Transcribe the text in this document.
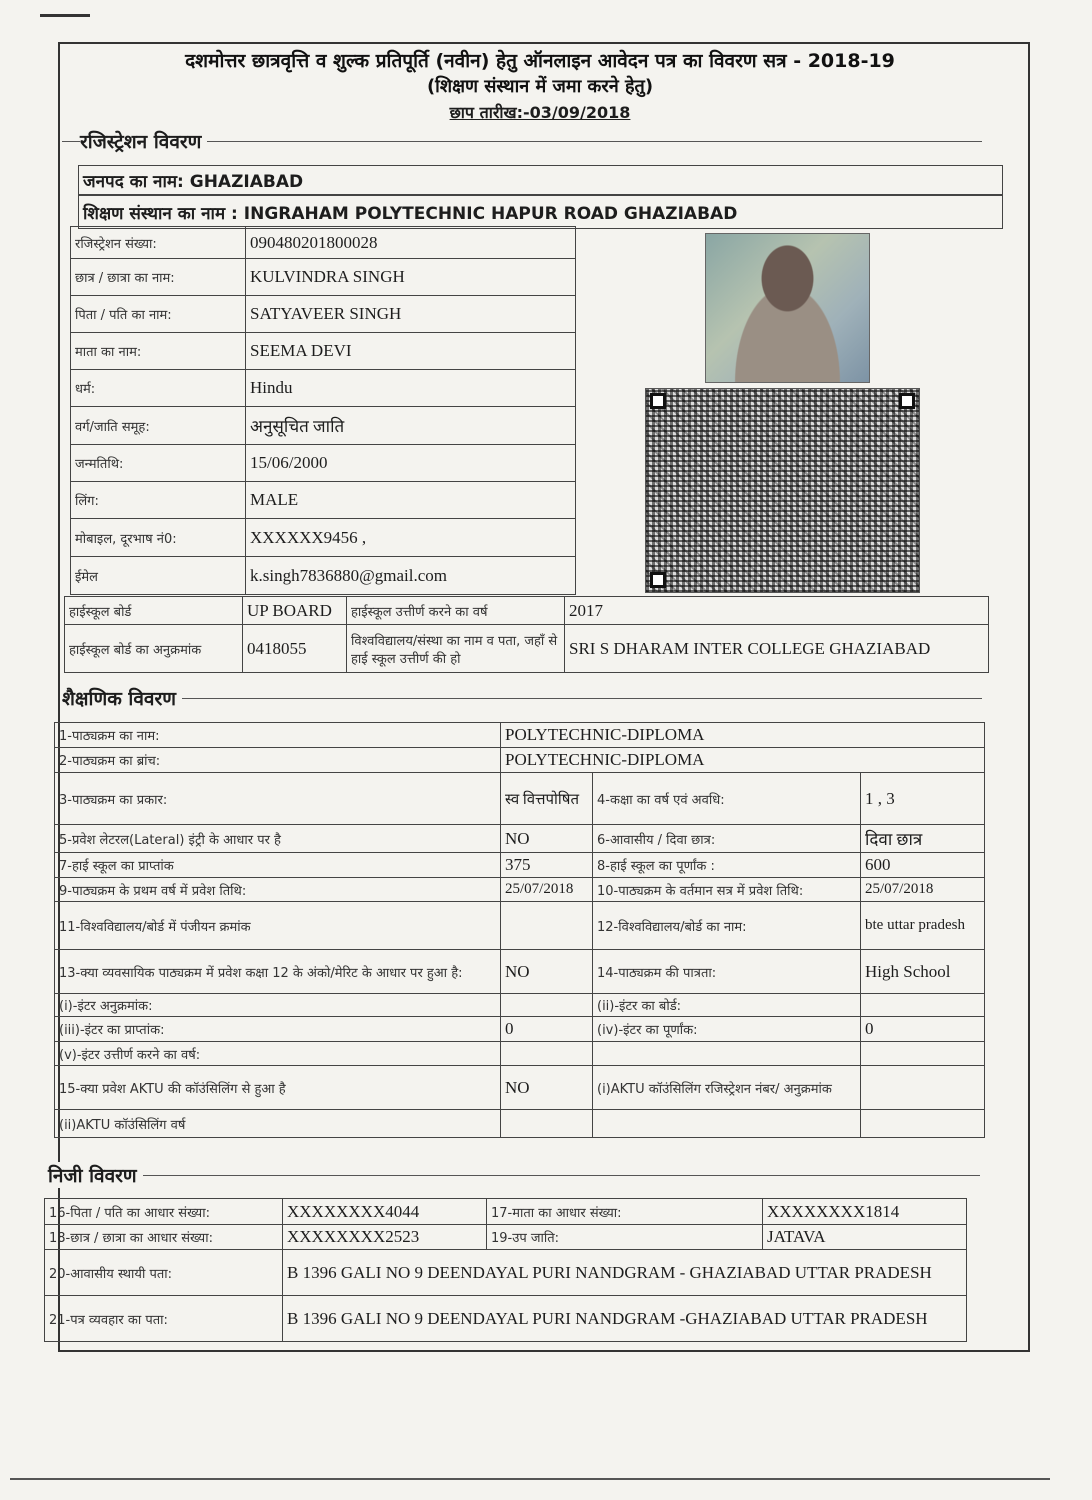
दशमोत्तर छात्रवृत्ति व शुल्क प्रतिपूर्ति (नवीन) हेतु ऑनलाइन आवेदन पत्र का विवरण सत्र - 2018-19
(शिक्षण संस्थान में जमा करने हेतु)
छाप तारीख:-03/09/2018
रजिस्ट्रेशन विवरण
जनपद का नाम: GHAZIABAD
शिक्षण संस्थान का नाम : INGRAHAM POLYTECHNIC HAPUR ROAD GHAZIABAD
रजिस्ट्रेशन संख्या:	090480201800028
छात्र / छात्रा का नाम:	KULVINDRA SINGH
पिता / पति का नाम:	SATYAVEER SINGH
माता का नाम:	SEEMA DEVI
धर्म:	Hindu
वर्ग/जाति समूह:	अनुसूचित जाति
जन्मतिथि:	15/06/2000
लिंग:	MALE
मोबाइल, दूरभाष नं0:	XXXXXX9456 ,
ईमेल	k.singh7836880@gmail.com
हाईस्कूल बोर्ड	UP BOARD	हाईस्कूल उत्तीर्ण करने का वर्ष	2017
हाईस्कूल बोर्ड का अनुक्रमांक	0418055	विश्वविद्यालय/संस्था का नाम व पता, जहाँ से हाई स्कूल उत्तीर्ण की हो	SRI S DHARAM INTER COLLEGE GHAZIABAD
शैक्षणिक विवरण
1-पाठ्यक्रम का नाम:	POLYTECHNIC-DIPLOMA		
2-पाठ्यक्रम का ब्रांच:	POLYTECHNIC-DIPLOMA		
3-पाठ्यक्रम का प्रकार:	स्व वित्तपोषित	4-कक्षा का वर्ष एवं अवधि:	1 , 3
5-प्रवेश लेटरल(Lateral) इंट्री के आधार पर है	NO	6-आवासीय / दिवा छात्र:	दिवा छात्र
7-हाई स्कूल का प्राप्तांक	375	8-हाई स्कूल का पूर्णांक :	600
9-पाठ्यक्रम के प्रथम वर्ष में प्रवेश तिथि:	25/07/2018	10-पाठ्यक्रम के वर्तमान सत्र में प्रवेश तिथि:	25/07/2018
11-विश्वविद्यालय/बोर्ड में पंजीयन क्रमांक		12-विश्वविद्यालय/बोर्ड का नाम:	bte uttar pradesh
13-क्या व्यवसायिक पाठ्यक्रम में प्रवेश कक्षा 12 के अंको/मेरिट के आधार पर हुआ है:	NO	14-पाठ्यक्रम की पात्रता:	High School
(i)-इंटर अनुक्रमांक:		(ii)-इंटर का बोर्ड:	
(iii)-इंटर का प्राप्तांक:	0	(iv)-इंटर का पूर्णांक:	0
(v)-इंटर उत्तीर्ण करने का वर्ष:			
15-क्या प्रवेश AKTU की कॉउंसिलिंग से हुआ है	NO	(i)AKTU कॉउंसिलिंग रजिस्ट्रेशन नंबर/ अनुक्रमांक	
(ii)AKTU कॉउंसिलिंग वर्ष			
निजी विवरण
16-पिता / पति का आधार संख्या:	XXXXXXXX4044	17-माता का आधार संख्या:	XXXXXXXX1814
18-छात्र / छात्रा का आधार संख्या:	XXXXXXXX2523	19-उप जाति:	JATAVA
20-आवासीय स्थायी पता:	B 1396 GALI NO 9 DEENDAYAL PURI NANDGRAM - GHAZIABAD UTTAR PRADESH		
21-पत्र व्यवहार का पता:	B 1396 GALI NO 9 DEENDAYAL PURI NANDGRAM -GHAZIABAD UTTAR PRADESH		
